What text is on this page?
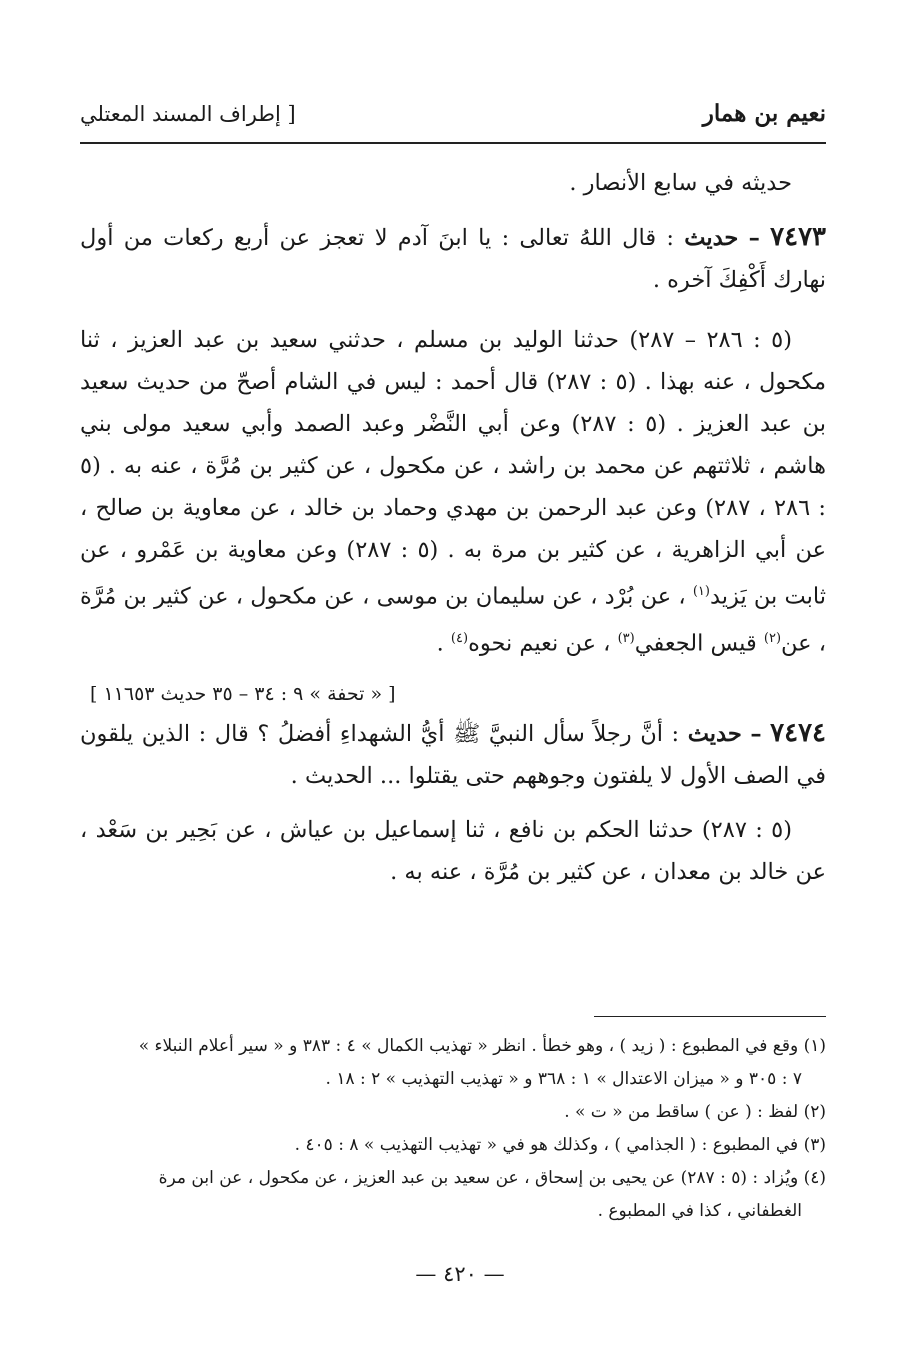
نعيم بن همار
[ إطراف المسند المعتلي

حديثه في سابع الأنصار .

٧٤٧٣ – حديث : قال اللهُ تعالى : يا ابنَ آدم لا تعجز عن أربع ركعات من أول نهارك أَكْفِكَ آخره .

(٥ : ٢٨٦ – ٢٨٧) حدثنا الوليد بن مسلم ، حدثني سعيد بن عبد العزيز ، ثنا مكحول ، عنه بهذا . (٥ : ٢٨٧) قال أحمد : ليس في الشام أصحّ من حديث سعيد بن عبد العزيز . (٥ : ٢٨٧) وعن أبي النَّضْر وعبد الصمد وأبي سعيد مولى بني هاشم ، ثلاثتهم عن محمد بن راشد ، عن مكحول ، عن كثير بن مُرَّة ، عنه به . (٥ : ٢٨٦ ، ٢٨٧) وعن عبد الرحمن بن مهدي وحماد بن خالد ، عن معاوية بن صالح ، عن أبي الزاهرية ، عن كثير بن مرة به . (٥ : ٢٨٧) وعن معاوية بن عَمْرو ، عن ثابت بن يَزيد$^{(١)}$ ، عن بُرْد ، عن سليمان بن موسى ، عن مكحول ، عن كثير بن مُرَّة ، عن$^{(٢)}$ قيس الجعفي$^{(٣)}$ ، عن نعيم نحوه$^{(٤)}$ .

[ « تحفة » ٩ : ٣٤ – ٣٥ حديث ١١٦٥٣ ]

٧٤٧٤ – حديث : أنَّ رجلاً سأل النبيَّ ﷺ أيُّ الشهداءِ أفضلُ ؟ قال : الذين يلقون في الصف الأول لا يلفتون وجوههم حتى يقتلوا ... الحديث .

(٥ : ٢٨٧) حدثنا الحكم بن نافع ، ثنا إسماعيل بن عياش ، عن بَحِير بن سَعْد ، عن خالد بن معدان ، عن كثير بن مُرَّة ، عنه به .

(١) وقع في المطبوع : ( زيد ) ، وهو خطأ . انظر « تهذيب الكمال » ٤ : ٣٨٣ و « سير أعلام النبلاء »
٧ : ٣٠٥ و « ميزان الاعتدال » ١ : ٣٦٨ و « تهذيب التهذيب » ٢ : ١٨ .

(٢) لفظ : ( عن ) ساقط من « ت » .

(٣) في المطبوع : ( الجذامي ) ، وكذلك هو في « تهذيب التهذيب » ٨ : ٤٠٥ .

(٤) ويُزاد : (٥ : ٢٨٧) عن يحيى بن إسحاق ، عن سعيد بن عبد العزيز ، عن مكحول ، عن ابن مرة
الغطفاني ، كذا في المطبوع .

— ٤٢٠ —
